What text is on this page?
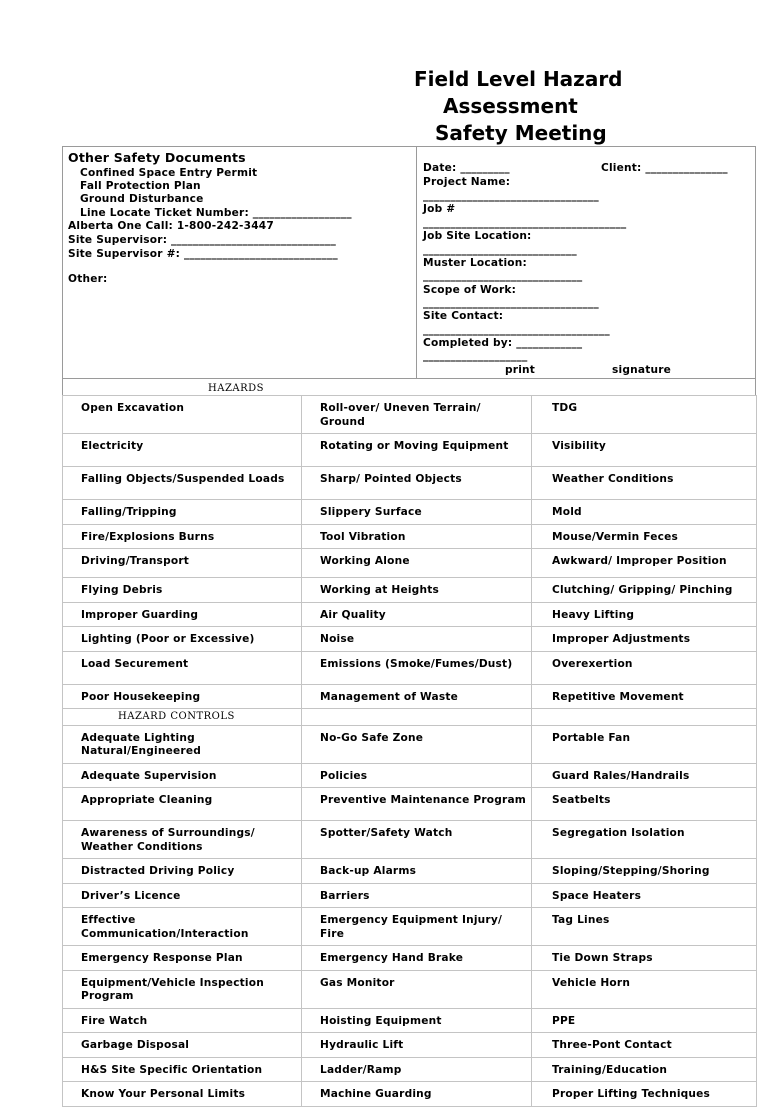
Field Level Hazard
Assessment
Safety Meeting
Other Safety Documents
Confined Space Entry Permit
Fall Protection Plan
Ground Disturbance
Line Locate Ticket Number: __________________
Alberta One Call: 1-800-242-3447
Site Supervisor: ______________________________
Site Supervisor #: ____________________________
Other:
Date: _________	Client: _______________
Project Name:
________________________________
Job #
_____________________________________
Job Site Location:
____________________________
Muster Location:
_____________________________
Scope of Work:
________________________________
Site Contact:
__________________________________
Completed by: ____________
___________________
print	signature
HAZARDS
Open Excavation	Roll-over/ Uneven Terrain/ Ground	TDG

Electricity	Rotating or Moving Equipment	Visibility

Falling Objects/Suspended Loads	Sharp/ Pointed Objects	Weather Conditions

Falling/Tripping	Slippery Surface	Mold

Fire/Explosions Burns	Tool Vibration	Mouse/Vermin Feces

Driving/Transport	Working Alone	Awkward/ Improper Position

Flying Debris	Working at Heights	Clutching/ Gripping/ Pinching

Improper Guarding	Air Quality	Heavy Lifting

Lighting (Poor or Excessive)	Noise	Improper Adjustments

Load Securement	Emissions (Smoke/Fumes/Dust)	Overexertion

Poor Housekeeping	Management of Waste	Repetitive Movement
HAZARD CONTROLS		

Adequate Lighting Natural/Engineered	No-Go Safe Zone	Portable Fan

Adequate Supervision	Policies	Guard Rales/Handrails

Appropriate Cleaning	Preventive Maintenance Program	Seatbelts

Awareness of Surroundings/ Weather Conditions	Spotter/Safety Watch	Segregation Isolation

Distracted Driving Policy	Back-up Alarms	Sloping/Stepping/Shoring

Driver’s Licence	Barriers	Space Heaters

Effective Communication/Interaction	Emergency Equipment Injury/ Fire	Tag Lines

Emergency Response Plan	Emergency Hand Brake	Tie Down Straps

Equipment/Vehicle Inspection Program	Gas Monitor	Vehicle Horn

Fire Watch	Hoisting Equipment	PPE

Garbage Disposal	Hydraulic Lift	Three-Pont Contact

H&S Site Specific Orientation	Ladder/Ramp	Training/Education

Know Your Personal Limits	Machine Guarding	Proper Lifting Techniques
